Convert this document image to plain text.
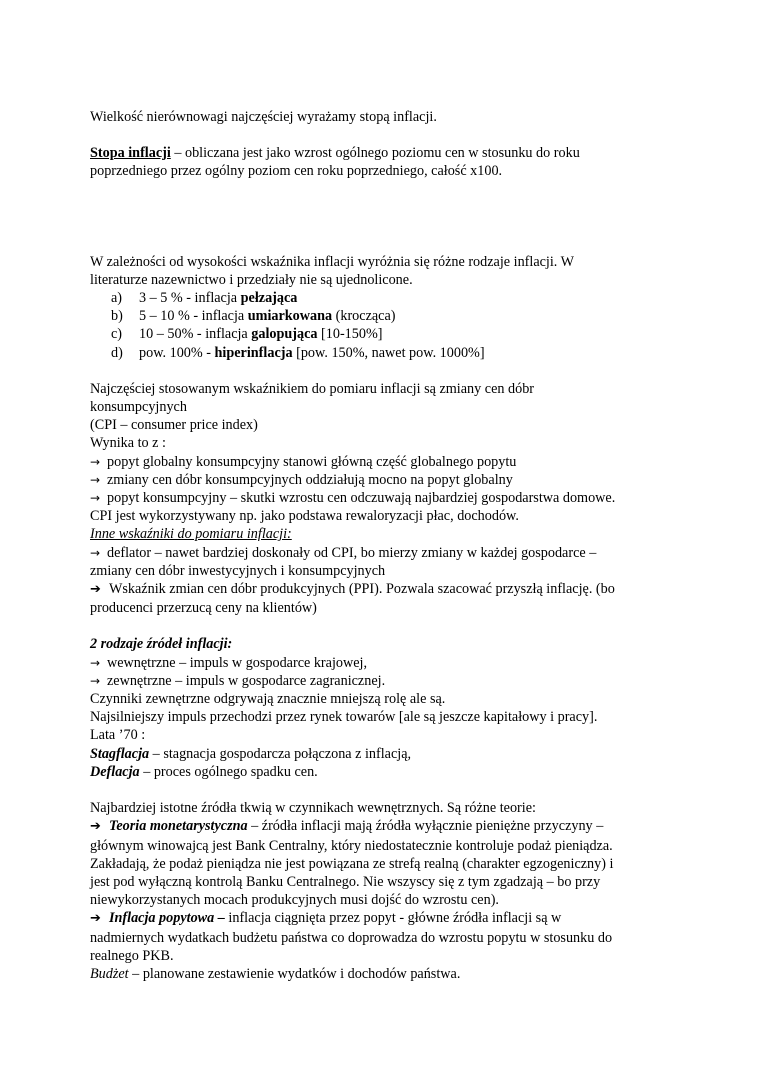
Wielkość nierównowagi najczęściej wyrażamy stopą inflacji.
Stopa inflacji – obliczana jest jako wzrost ogólnego poziomu cen w stosunku do roku
poprzedniego przez ogólny poziom cen roku poprzedniego, całość x100.
W zależności od wysokości wskaźnika inflacji wyróżnia się różne rodzaje inflacji. W
literaturze nazewnictwo i przedziały nie są ujednolicone.
a) 3 – 5 % - inflacja pełzająca
b) 5 – 10 % - inflacja umiarkowana (krocząca)
c) 10 – 50% - inflacja galopująca [10-150%]
d) pow. 100% - hiperinflacja [pow. 150%, nawet pow. 1000%]
Najczęściej stosowanym wskaźnikiem do pomiaru inflacji są zmiany cen dóbr
konsumpcyjnych
(CPI – consumer price index)
Wynika to z :
→ popyt globalny konsumpcyjny stanowi główną część globalnego popytu
→ zmiany cen dóbr konsumpcyjnych oddziałują mocno na popyt globalny
→ popyt konsumpcyjny – skutki wzrostu cen odczuwają najbardziej gospodarstwa domowe.
CPI jest wykorzystywany np. jako podstawa rewaloryzacji płac, dochodów.
Inne wskaźniki do pomiaru inflacji:
→ deflator – nawet bardziej doskonały od CPI, bo mierzy zmiany w każdej gospodarce –
zmiany cen dóbr inwestycyjnych i konsumpcyjnych
➔ Wskaźnik zmian cen dóbr produkcyjnych (PPI). Pozwala szacować przyszłą inflację. (bo
producenci przerzucą ceny na klientów)
2 rodzaje źródeł inflacji:
→ wewnętrzne – impuls w gospodarce krajowej,
→ zewnętrzne – impuls w gospodarce zagranicznej.
Czynniki zewnętrzne odgrywają znacznie mniejszą rolę ale są.
Najsilniejszy impuls przechodzi przez rynek towarów [ale są jeszcze kapitałowy i pracy].
Lata ’70 :
Stagflacja – stagnacja gospodarcza połączona z inflacją,
Deflacja – proces ogólnego spadku cen.
Najbardziej istotne źródła tkwią w czynnikach wewnętrznych. Są różne teorie:
➔ Teoria monetarystyczna – źródła inflacji mają źródła wyłącznie pieniężne przyczyny –
głównym winowajcą jest Bank Centralny, który niedostatecznie kontroluje podaż pieniądza.
Zakładają, że podaż pieniądza nie jest powiązana ze strefą realną (charakter egzogeniczny) i
jest pod wyłączną kontrolą Banku Centralnego. Nie wszyscy się z tym zgadzają – bo przy
niewykorzystanych mocach produkcyjnych musi dojść do wzrostu cen).
➔ Inflacja popytowa – inflacja ciągnięta przez popyt - główne źródła inflacji są w
nadmiernych wydatkach budżetu państwa co doprowadza do wzrostu popytu w stosunku do
realnego PKB.
Budżet – planowane zestawienie wydatków i dochodów państwa.
